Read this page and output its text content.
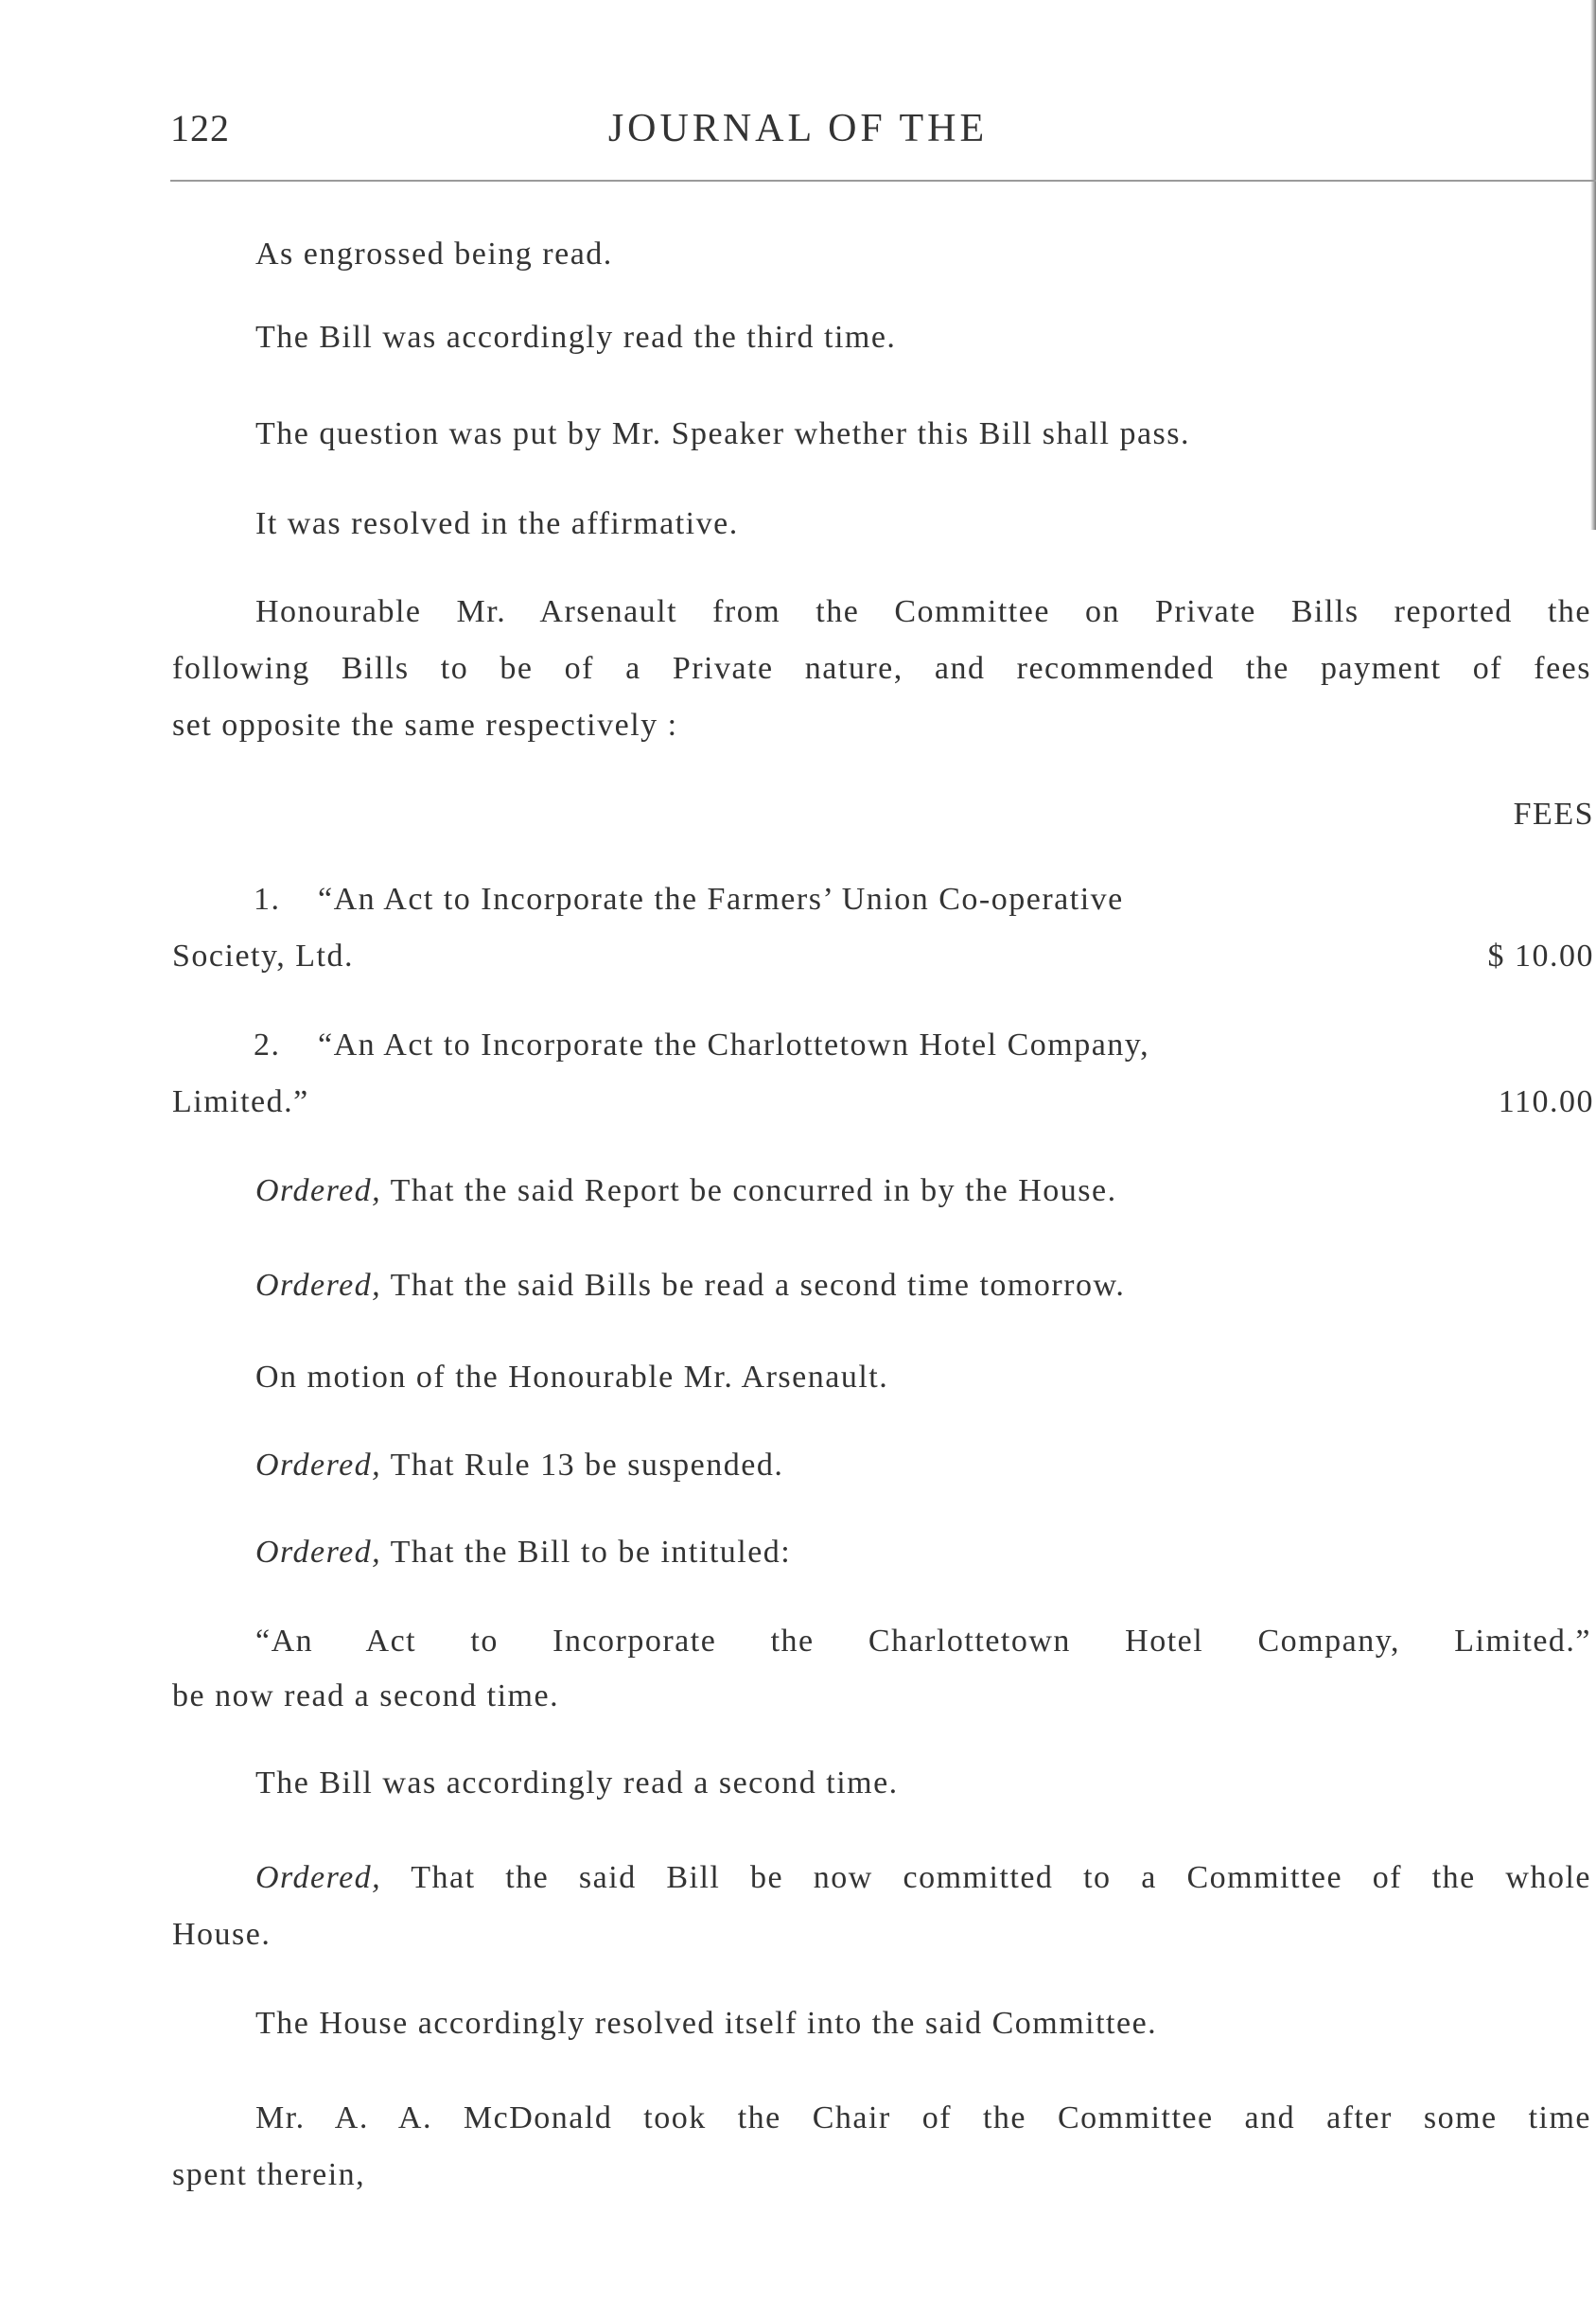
122	JOURNAL OF THE
As engrossed being read.
The Bill was accordingly read the third time.
The question was put by Mr. Speaker whether this Bill shall pass.
It was resolved in the affirmative.
Honourable Mr. Arsenault from the Committee on Private Bills reported the
following Bills to be of a Private nature, and recommended the payment of fees
set opposite the same respectively :
FEES
1. “An Act to Incorporate the Farmers’ Union Co-operative
Society, Ltd.	$ 10.00
2. “An Act to Incorporate the Charlottetown Hotel Company,
Limited.”	110.00
Ordered, That the said Report be concurred in by the House.
Ordered, That the said Bills be read a second time tomorrow.
On motion of the Honourable Mr. Arsenault.
Ordered, That Rule 13 be suspended.
Ordered, That the Bill to be intituled:
“An Act to Incorporate the Charlottetown Hotel Company, Limited.”
be now read a second time.
The Bill was accordingly read a second time.
Ordered, That the said Bill be now committed to a Committee of the whole
House.
The House accordingly resolved itself into the said Committee.
Mr. A. A. McDonald took the Chair of the Committee and after some time
spent therein,
